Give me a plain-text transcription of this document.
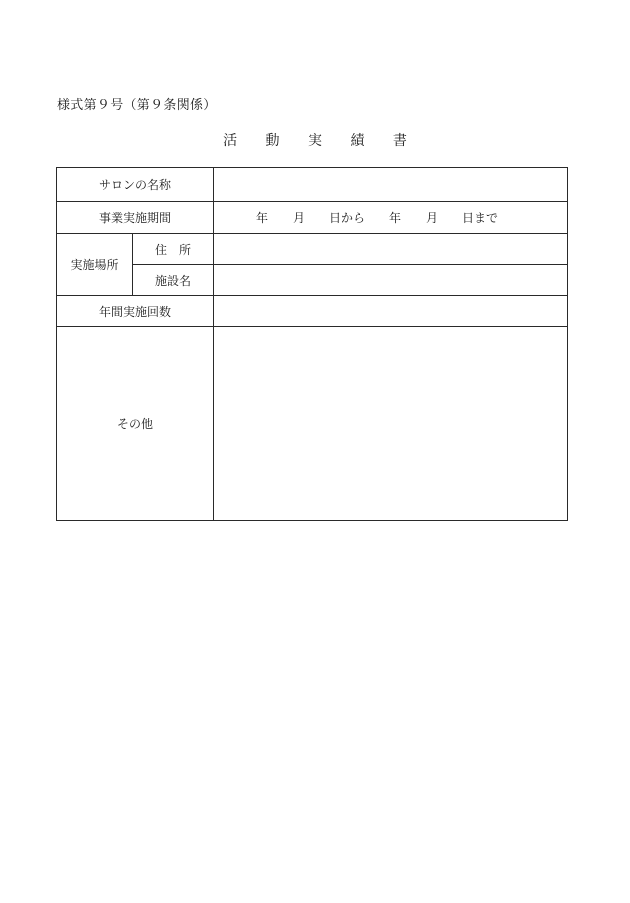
様式第９号（第９条関係）
活 動 実 績 書
サロンの名称		
事業実施期間		年 月 日から 年 月 日まで
実施場所	住　所	
	施設名	
年間実施回数		
その他		
